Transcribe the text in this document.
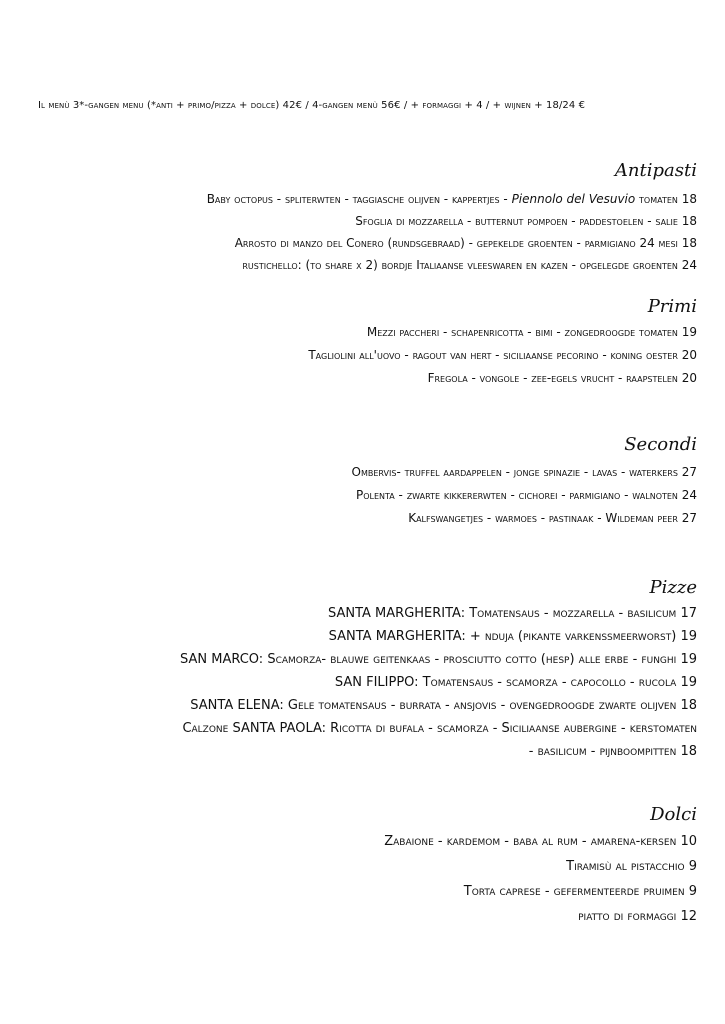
Il menù 3*-gangen menu (*anti + primo/pizza + dolce) 42€ / 4-gangen menù 56€ / + formaggi + 4 / + wijnen + 18/24 €
Antipasti
Baby octopus - spliterwten - taggiasche olijven - kappertjes - Piennolo del Vesuvio tomaten 18
Sfoglia di mozzarella - butternut pompoen - paddestoelen - salie 18
Arrosto di manzo del Conero (rundsgebraad) - gepekelde groenten - parmigiano 24 mesi 18
rustichello: (to share x 2) bordje Italiaanse vleeswaren en kazen - opgelegde groenten 24
Primi
Mezzi paccheri - schapenricotta - bimi - zongedroogde tomaten 19
Tagliolini all'uovo - ragout van hert - siciliaanse pecorino - koning oester 20
Fregola - vongole - zee-egels vrucht - raapstelen 20
Secondi
Ombervis- truffel aardappelen - jonge spinazie - lavas - waterkers 27
Polenta - zwarte kikkererwten - cichorei - parmigiano - walnoten 24
Kalfswangetjes - warmoes - pastinaak - Wildeman peer 27
Pizze
SANTA MARGHERITA: Tomatensaus - mozzarella - basilicum 17
SANTA MARGHERITA: + nduja (pikante varkenssmeerworst) 19
SAN MARCO: Scamorza- blauwe geitenkaas - prosciutto cotto (hesp) alle erbe - funghi 19
SAN FILIPPO: Tomatensaus - scamorza - capocollo - rucola 19
SANTA ELENA: Gele tomatensaus - burrata - ansjovis - ovengedroogde zwarte olijven 18
Calzone SANTA PAOLA: Ricotta di bufala - scamorza - Siciliaanse aubergine - kerstomaten
- basilicum - pijnboompitten 18
Dolci
Zabaione - kardemom - baba al rum - amarena-kersen 10
Tiramisù al pistacchio 9
Torta caprese - gefermenteerde pruimen 9
piatto di formaggi 12
